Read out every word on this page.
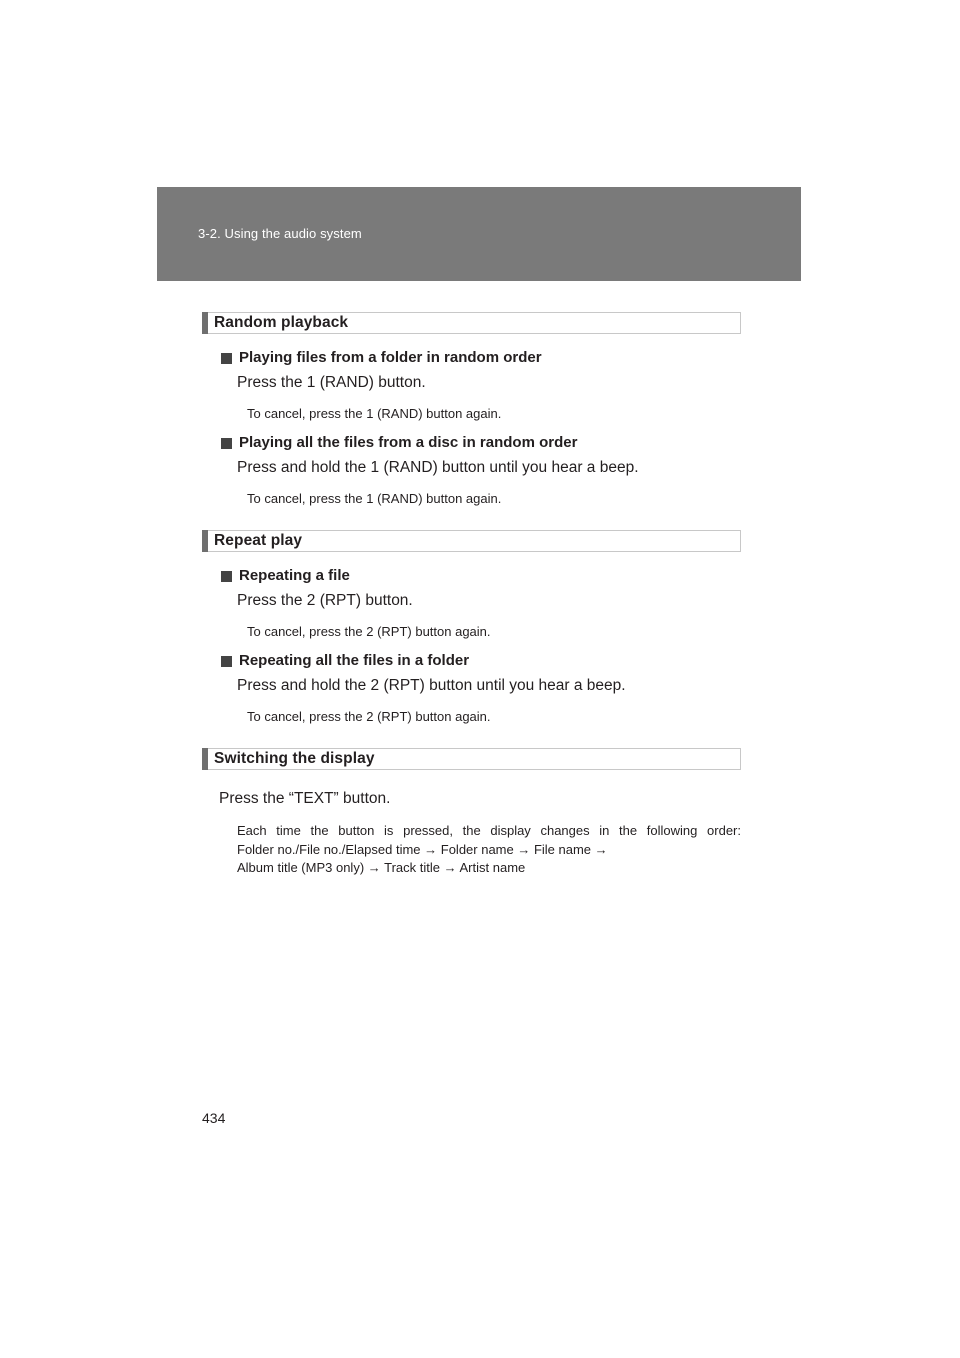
3-2. Using the audio system
Random playback
Playing files from a folder in random order
Press the 1 (RAND) button.
To cancel, press the 1 (RAND) button again.
Playing all the files from a disc in random order
Press and hold the 1 (RAND) button until you hear a beep.
To cancel, press the 1 (RAND) button again.
Repeat play
Repeating a file
Press the 2 (RPT) button.
To cancel, press the 2 (RPT) button again.
Repeating all the files in a folder
Press and hold the 2 (RPT) button until you hear a beep.
To cancel, press the 2 (RPT) button again.
Switching the display
Press the “TEXT” button.
Each time the button is pressed, the display changes in the following order:
Folder no./File no./Elapsed time → Folder name → File name →
Album title (MP3 only) → Track title → Artist name
434
